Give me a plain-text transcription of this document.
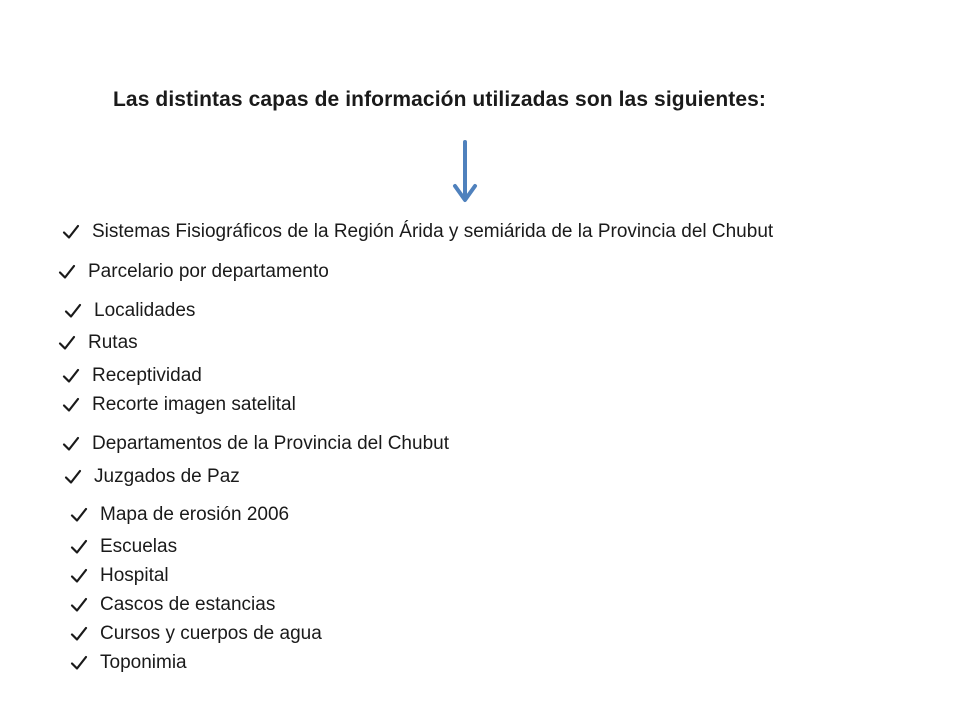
Las distintas capas de información utilizadas son las siguientes:
Sistemas Fisiográficos de la Región Árida y semiárida de la Provincia del Chubut
Parcelario por departamento
Localidades
Rutas
Receptividad
Recorte imagen satelital
Departamentos de la Provincia del Chubut
Juzgados de Paz
Mapa de erosión 2006
Escuelas
Hospital
Cascos de estancias
Cursos y cuerpos de agua
Toponimia
